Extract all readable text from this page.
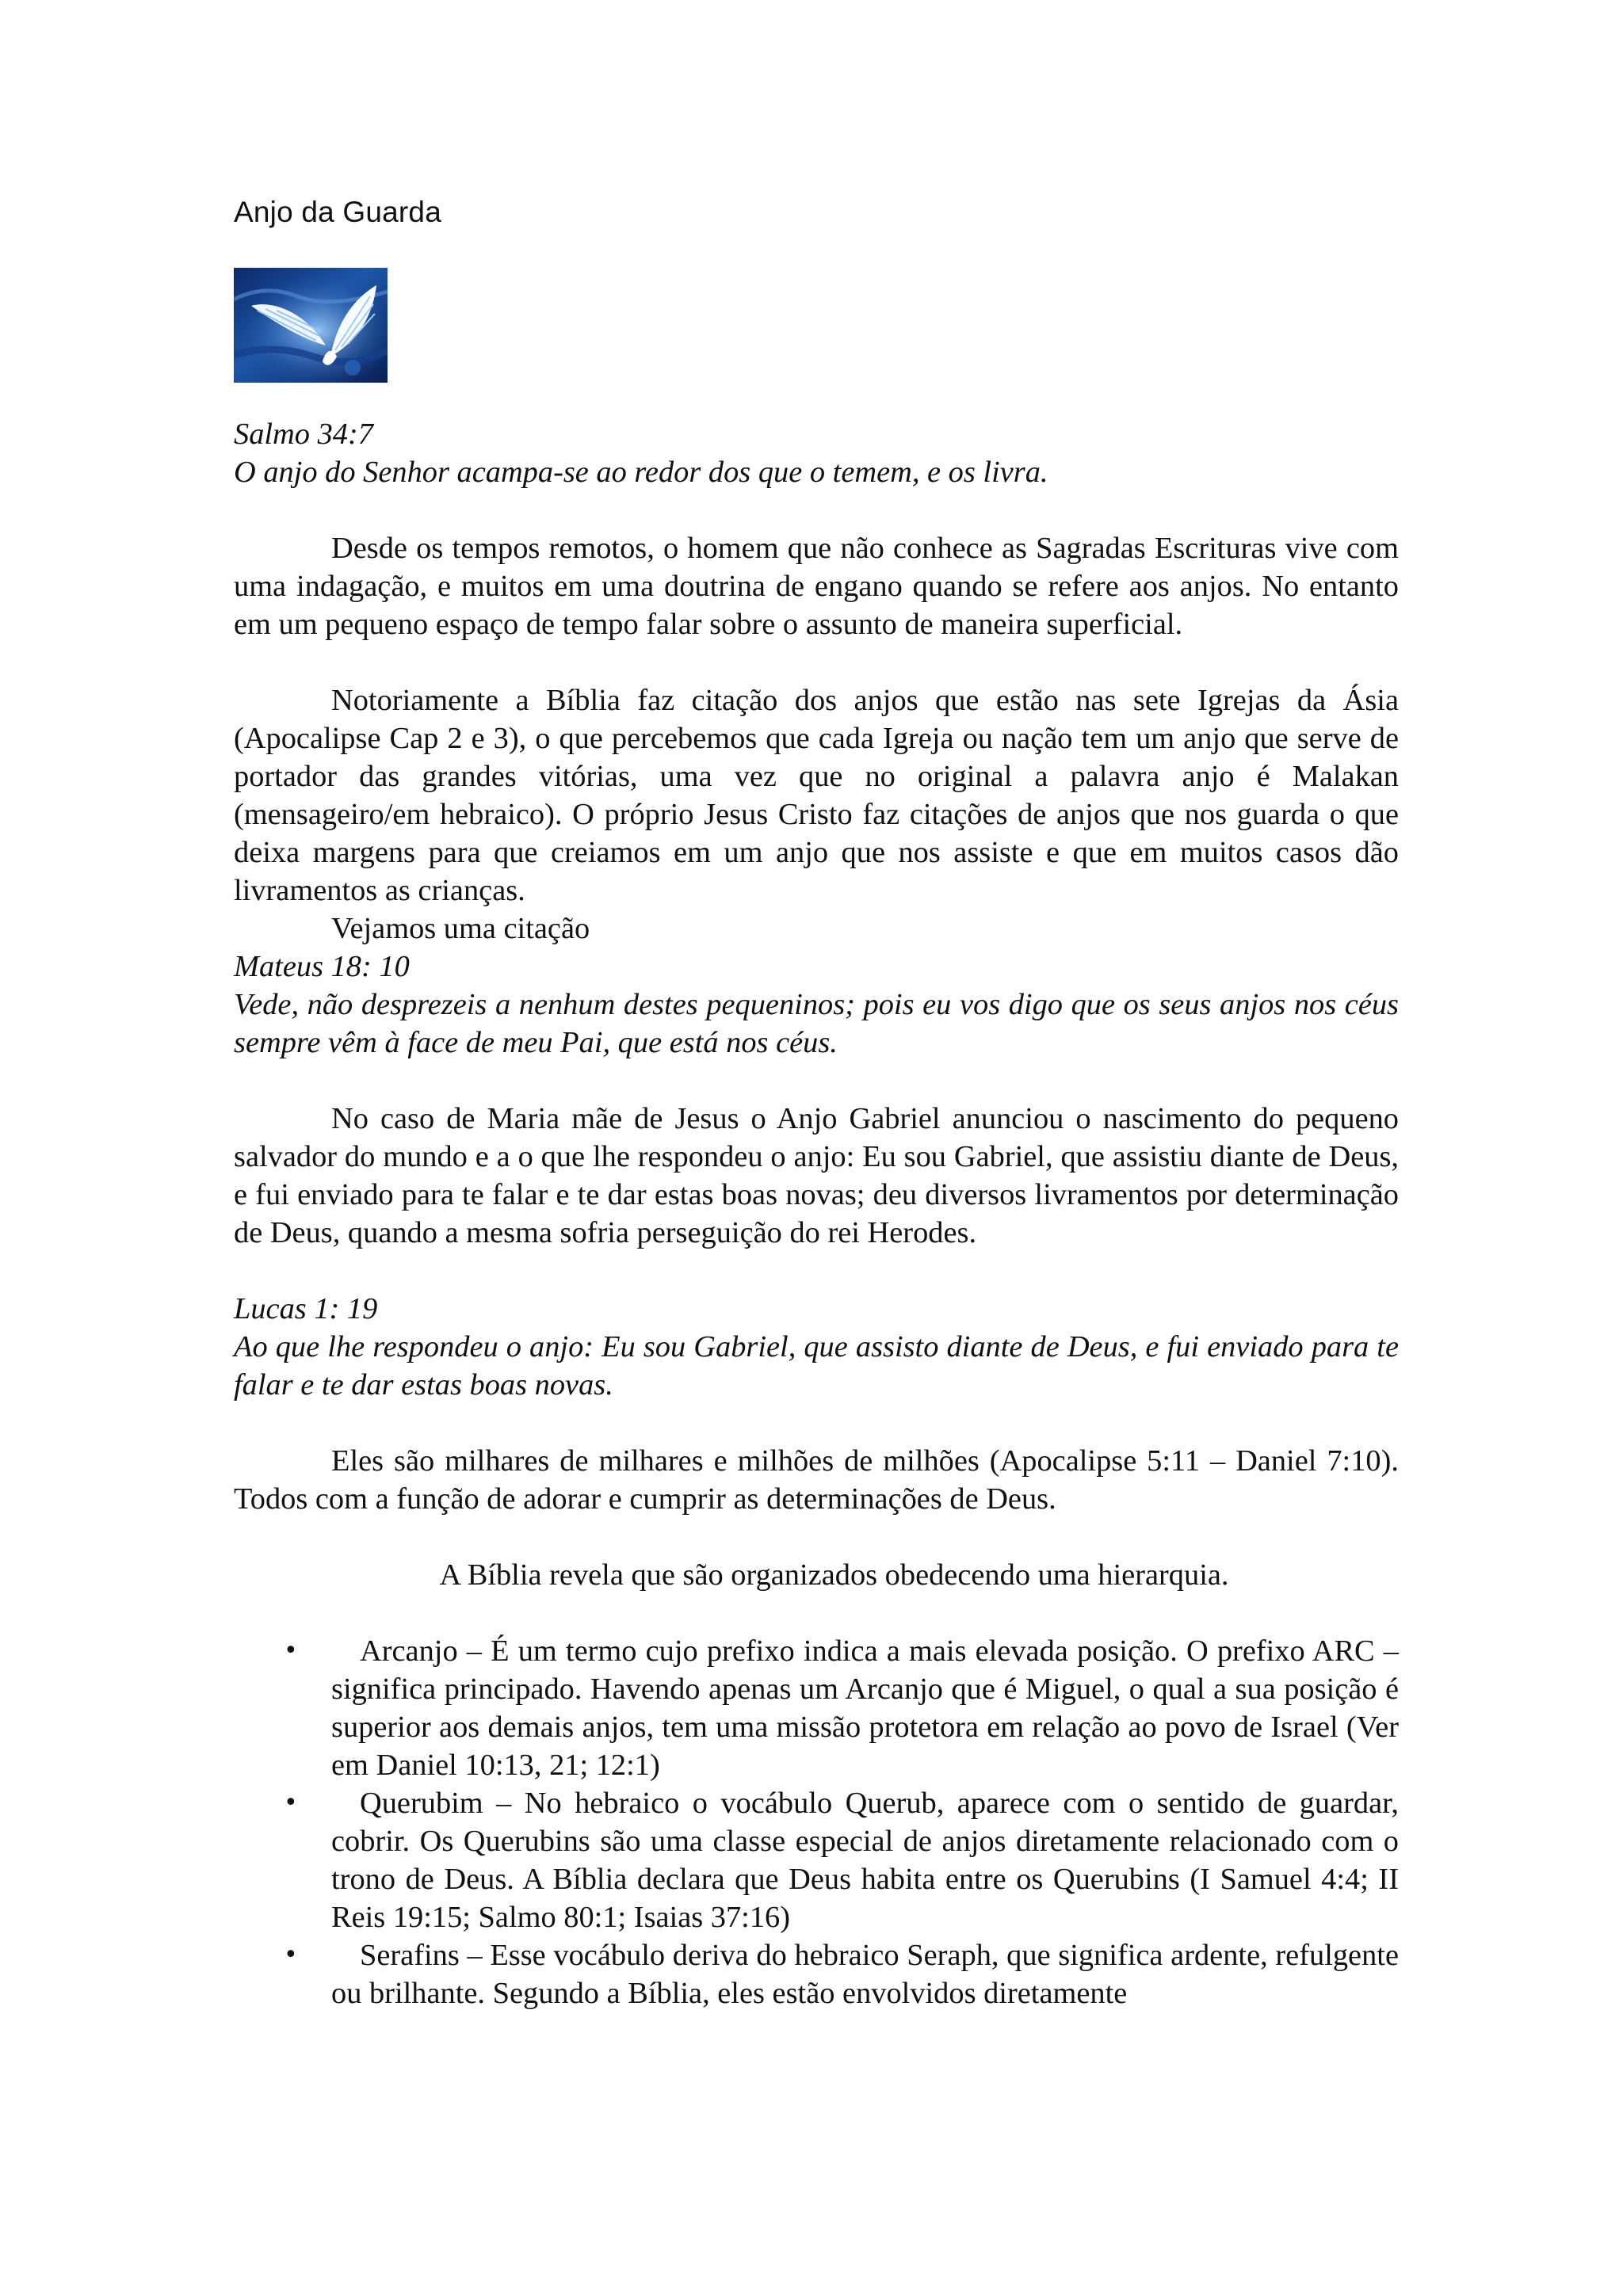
Anjo da Guarda

Salmo 34:7

O anjo do Senhor acampa-se ao redor dos que o temem, e os livra.

Desde os tempos remotos, o homem que não conhece as Sagradas Escrituras vive com uma indagação, e muitos em uma doutrina de engano quando se refere aos anjos. No entanto em um pequeno espaço de tempo falar sobre o assunto de maneira superficial.

Notoriamente a Bíblia faz citação dos anjos que estão nas sete Igrejas da Ásia (Apocalipse Cap 2 e 3), o que percebemos que cada Igreja ou nação tem um anjo que serve de portador das grandes vitórias, uma vez que no original a palavra anjo é Malakan (mensageiro/em hebraico). O próprio Jesus Cristo faz citações de anjos que nos guarda o que deixa margens para que creiamos em um anjo que nos assiste e que em muitos casos dão livramentos as crianças.

Vejamos uma citação

Mateus 18: 10

Vede, não desprezeis a nenhum destes pequeninos; pois eu vos digo que os seus anjos nos céus sempre vêm à face de meu Pai, que está nos céus.

No caso de Maria mãe de Jesus o Anjo Gabriel anunciou o nascimento do pequeno salvador do mundo e a o que lhe respondeu o anjo: Eu sou Gabriel, que assistiu diante de Deus, e fui enviado para te falar e te dar estas boas novas; deu diversos livramentos por determinação de Deus, quando a mesma sofria perseguição do rei Herodes.

Lucas 1: 19

Ao que lhe respondeu o anjo: Eu sou Gabriel, que assisto diante de Deus, e fui enviado para te falar e te dar estas boas novas.

Eles são milhares de milhares e milhões de milhões (Apocalipse 5:11 – Daniel 7:10). Todos com a função de adorar e cumprir as determinações de Deus.

A Bíblia revela que são organizados obedecendo uma hierarquia.

• Arcanjo – É um termo cujo prefixo indica a mais elevada posição. O prefixo ARC – significa principado. Havendo apenas um Arcanjo que é Miguel, o qual a sua posição é superior aos demais anjos, tem uma missão protetora em relação ao povo de Israel (Ver em Daniel 10:13, 21; 12:1)
• Querubim – No hebraico o vocábulo Querub, aparece com o sentido de guardar, cobrir. Os Querubins são uma classe especial de anjos diretamente relacionado com o trono de Deus. A Bíblia declara que Deus habita entre os Querubins (I Samuel 4:4; II Reis 19:15; Salmo 80:1; Isaias 37:16)
• Serafins – Esse vocábulo deriva do hebraico Seraph, que significa ardente, refulgente ou brilhante. Segundo a Bíblia, eles estão envolvidos diretamente
